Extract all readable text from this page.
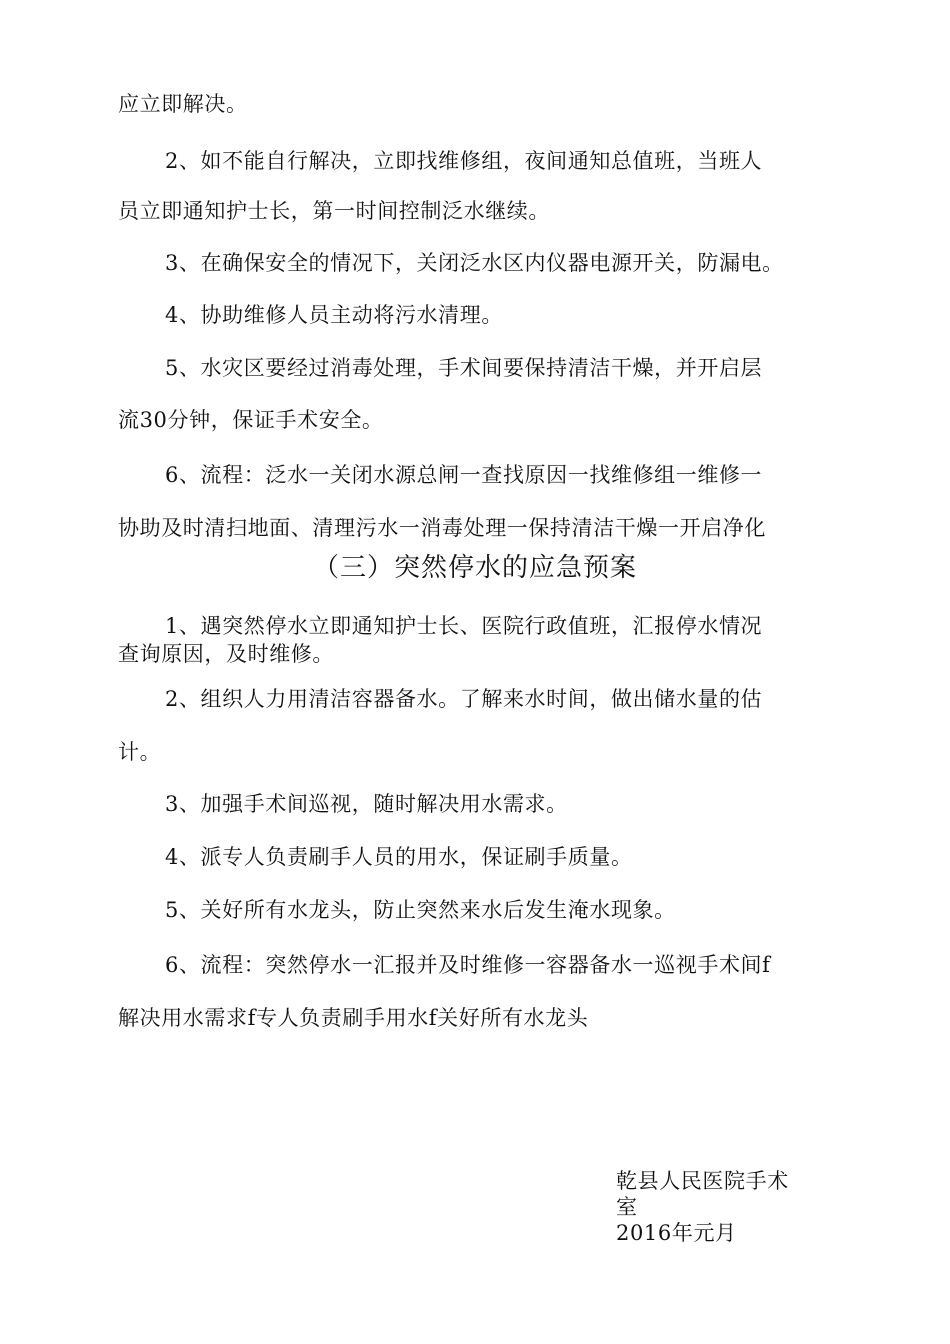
应立即解决。
2、如不能自行解决，立即找维修组，夜间通知总值班，当班人
员立即通知护士长，第一时间控制泛水继续。
3、在确保安全的情况下，关闭泛水区内仪器电源开关，防漏电。
4、协助维修人员主动将污水清理。
5、水灾区要经过消毒处理，手术间要保持清洁干燥，并开启层
流30分钟，保证手术安全。
6、流程：泛水一关闭水源总闸一查找原因一找维修组一维修一
协助及时清扫地面、清理污水一消毒处理一保持清洁干燥一开启净化
（三）突然停水的应急预案
1、遇突然停水立即通知护士长、医院行政值班，汇报停水情况
查询原因，及时维修。
2、组织人力用清洁容器备水。了解来水时间，做出储水量的估
计。
3、加强手术间巡视，随时解决用水需求。
4、派专人负责刷手人员的用水，保证刷手质量。
5、关好所有水龙头，防止突然来水后发生淹水现象。
6、流程：突然停水一汇报并及时维修一容器备水一巡视手术间f
解决用水需求f专人负责刷手用水f关好所有水龙头
乾县人民医院手术
室
2016年元月
